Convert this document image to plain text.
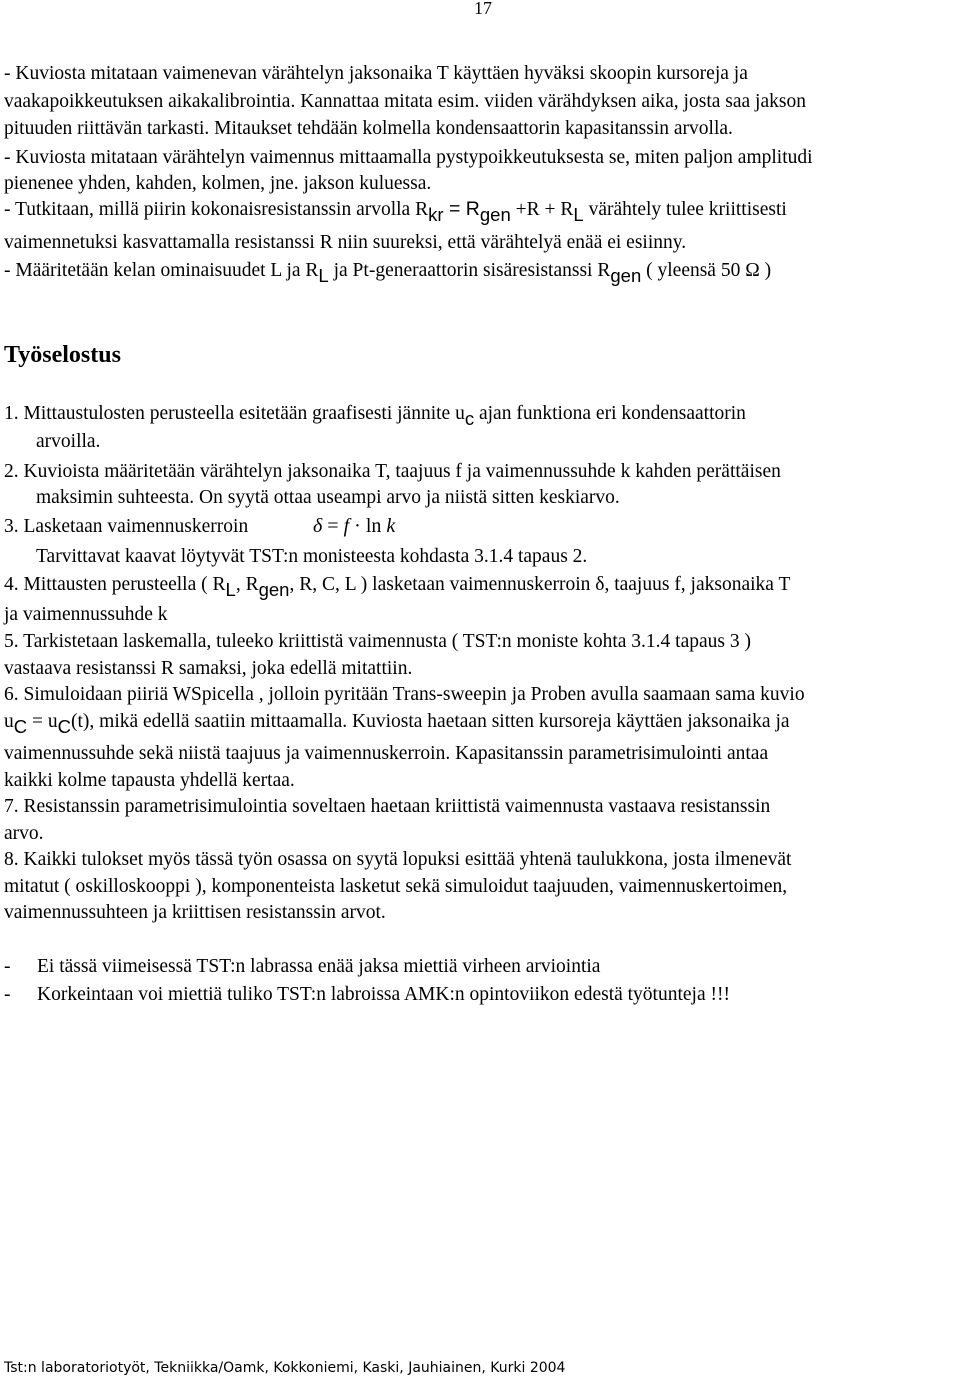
17
- Kuviosta mitataan vaimenevan värähtelyn jaksonaika T käyttäen hyväksi skoopin kursoreja ja
vaakapoikkeutuksen aikakalibrointia. Kannattaa mitata esim. viiden värähdyksen aika, josta saa jakson
pituuden riittävän tarkasti. Mitaukset tehdään kolmella kondensaattorin kapasitanssin arvolla.
- Kuviosta mitataan värähtelyn vaimennus mittaamalla pystypoikkeutuksesta se, miten paljon amplitudi
pienenee yhden, kahden, kolmen, jne. jakson kuluessa.
- Tutkitaan, millä piirin kokonaisresistanssin arvolla Rkr = Rgen +R + RL värähtely tulee kriittisesti
vaimennetuksi kasvattamalla resistanssi R niin suureksi, että värähtelyä enää ei esiinny.
- Määritetään kelan ominaisuudet L ja RL ja Pt-generaattorin sisäresistanssi Rgen ( yleensä 50 Ω )
Työselostus
1. Mittaustulosten perusteella esitetään graafisesti jännite uc ajan funktiona eri kondensaattorin
arvoilla.
2. Kuvioista määritetään värähtelyn jaksonaika T, taajuus f ja vaimennussuhde k kahden perättäisen
maksimin suhteesta. On syytä ottaa useampi arvo ja niistä sitten keskiarvo.
3. Lasketaan vaimennuskerroin	δ = f · ln k
Tarvittavat kaavat löytyvät TST:n monisteesta kohdasta 3.1.4 tapaus 2.
4. Mittausten perusteella ( RL, Rgen, R, C, L ) lasketaan vaimennuskerroin δ, taajuus f, jaksonaika T
ja vaimennussuhde k
5. Tarkistetaan laskemalla, tuleeko kriittistä vaimennusta ( TST:n moniste kohta 3.1.4 tapaus 3 )
vastaava resistanssi R samaksi, joka edellä mitattiin.
6. Simuloidaan piiriä WSpicella , jolloin pyritään Trans-sweepin ja Proben avulla saamaan sama kuvio
uC = uC(t), mikä edellä saatiin mittaamalla. Kuviosta haetaan sitten kursoreja käyttäen jaksonaika ja
vaimennussuhde sekä niistä taajuus ja vaimennuskerroin. Kapasitanssin parametrisimulointi antaa
kaikki kolme tapausta yhdellä kertaa.
7. Resistanssin parametrisimulointia soveltaen haetaan kriittistä vaimennusta vastaava resistanssin
arvo.
8. Kaikki tulokset myös tässä työn osassa on syytä lopuksi esittää yhtenä taulukkona, josta ilmenevät
mitatut ( oskilloskooppi ), komponenteista lasketut sekä simuloidut taajuuden, vaimennuskertoimen,
vaimennussuhteen ja kriittisen resistanssin arvot.
- Ei tässä viimeisessä TST:n labrassa enää jaksa miettiä virheen arviointia
- Korkeintaan voi miettiä tuliko TST:n labroissa AMK:n opintoviikon edestä työtunteja !!!
Tst:n laboratoriotyöt, Tekniikka/Oamk, Kokkoniemi, Kaski, Jauhiainen, Kurki 2004
